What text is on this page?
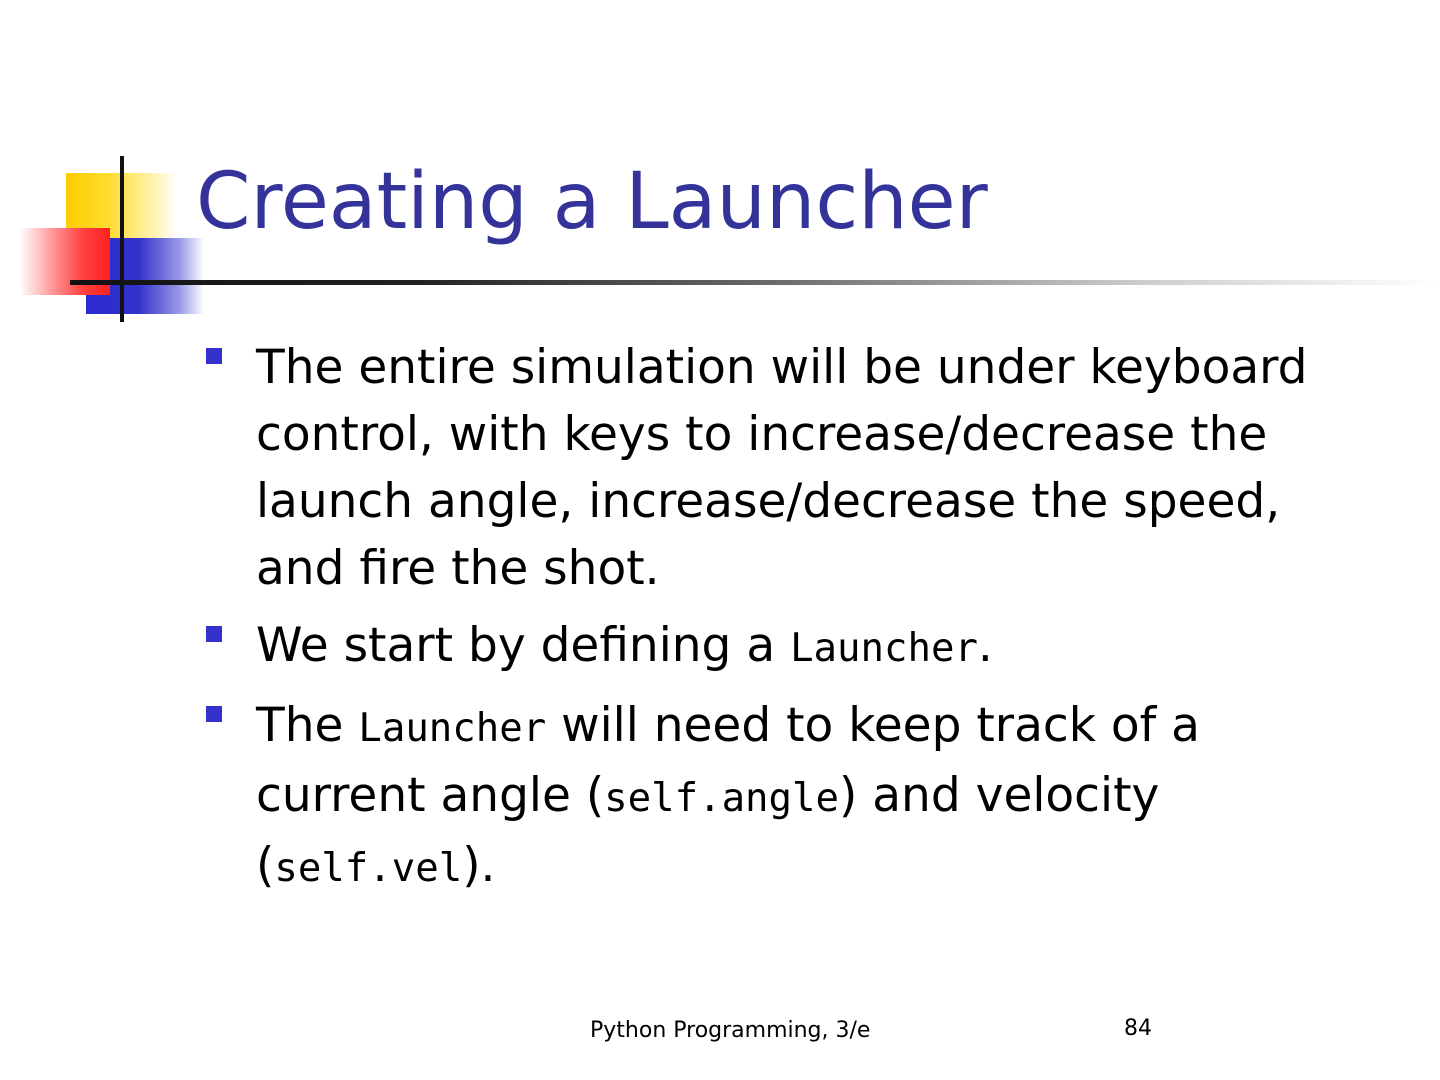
Creating a Launcher
The entire simulation will be under keyboard control, with keys to increase/decrease the launch angle, increase/decrease the speed, and fire the shot.
We start by defining a Launcher.
The Launcher will need to keep track of a current angle (self.angle) and velocity (self.vel).
Python Programming, 3/e	84
